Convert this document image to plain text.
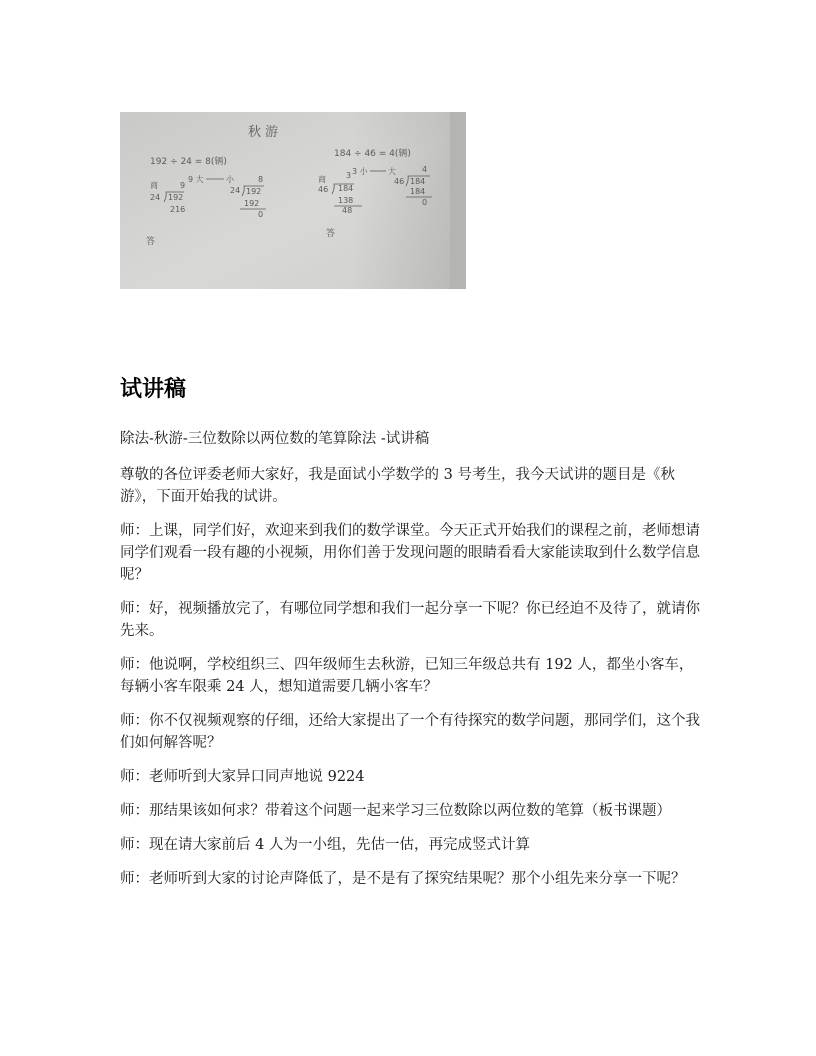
秋 游
192 ÷ 24 = 8(辆)
9 大	小
商	9
24 192
216
8
24 192
192
0
答
184 ÷ 46 = 4(辆)
3 小	大
商	3
46 184
138
48
4
46 184
184
0
答
试讲稿

除法-秋游-三位数除以两位数的笔算除法 -试讲稿

尊敬的各位评委老师大家好，我是面试小学数学的 3 号考生，我今天试讲的题目是《秋游》，下面开始我的试讲。

师：上课，同学们好，欢迎来到我们的数学课堂。今天正式开始我们的课程之前，老师想请同学们观看一段有趣的小视频，用你们善于发现问题的眼睛看看大家能读取到什么数学信息呢？

师：好，视频播放完了，有哪位同学想和我们一起分享一下呢？你已经迫不及待了，就请你先来。

师：他说啊，学校组织三、四年级师生去秋游，已知三年级总共有 192 人，都坐小客车，每辆小客车限乘 24 人，想知道需要几辆小客车？

师：你不仅视频观察的仔细，还给大家提出了一个有待探究的数学问题，那同学们，这个我们如何解答呢？

师：老师听到大家异口同声地说 9224

师：那结果该如何求？带着这个问题一起来学习三位数除以两位数的笔算（板书课题）

师：现在请大家前后 4 人为一小组，先估一估，再完成竖式计算

师：老师听到大家的讨论声降低了，是不是有了探究结果呢？那个小组先来分享一下呢？
